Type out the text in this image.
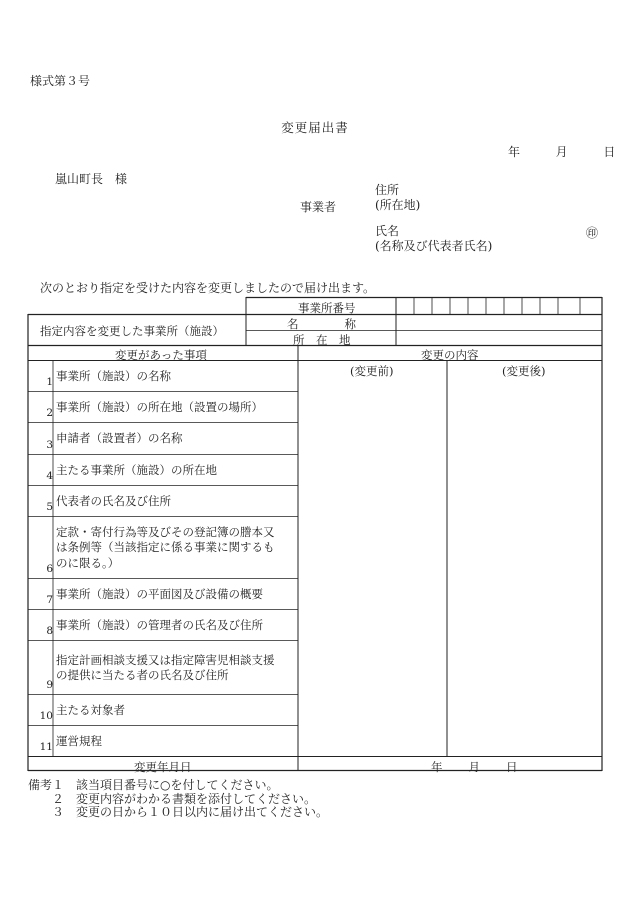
様式第３号
変更届出書
年	月	日
嵐山町長　様
事業者
住所
(所在地)
氏名
(名称及び代表者氏名)
㊞
次のとおり指定を受けた内容を変更しましたので届け出ます。
事業所番号
指定内容を変更した事業所（施設）	名　　　　称
所　在　地
変更があった事項	変更の内容
(変更前)	(変更後)
1 事業所（施設）の名称
2 事業所（施設）の所在地（設置の場所）
3 申請者（設置者）の名称
4 主たる事業所（施設）の所在地
5 代表者の氏名及び住所
6
定款・寄付行為等及びその登記簿の謄本又
は条例等（当該指定に係る事業に関するも
のに限る。）
7 事業所（施設）の平面図及び設備の概要
8 事業所（施設）の管理者の氏名及び住所
9
指定計画相談支援又は指定障害児相談支援
の提供に当たる者の氏名及び住所
10 主たる対象者
11 運営規程
変更年月日	年 月 日
備考１　 該当項目番号に○を付してください。
２　 変更内容がわかる書類を添付してください。
３　 変更の日から１０日以内に届け出てください。
